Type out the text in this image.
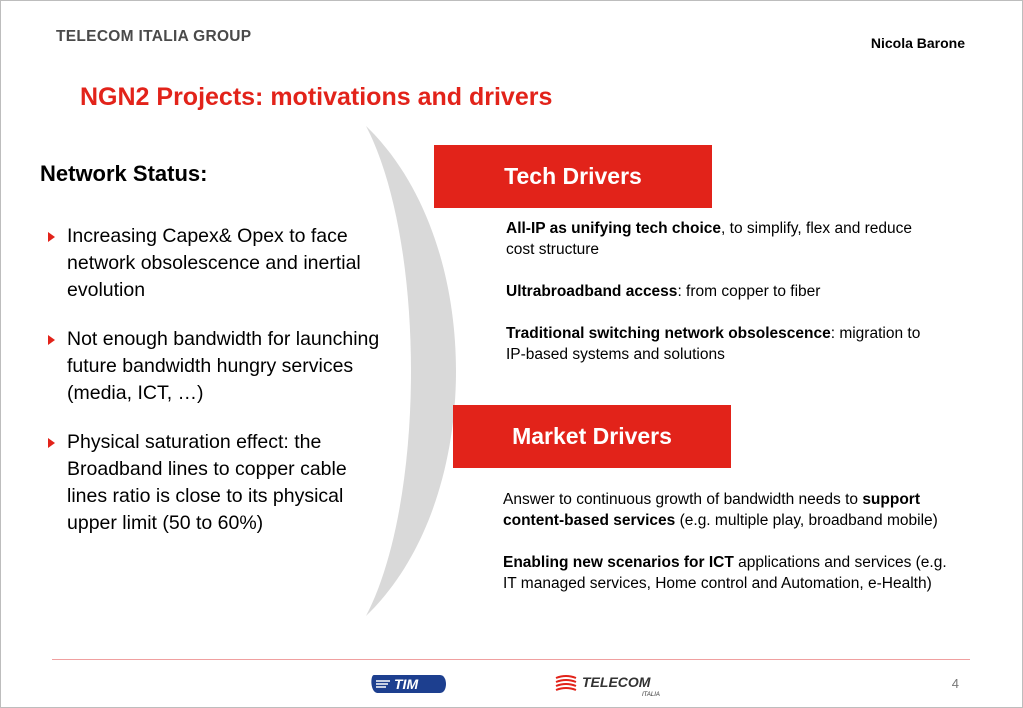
TELECOM ITALIA GROUP	Nicola Barone
NGN2 Projects: motivations and drivers
Network Status:
Increasing Capex& Opex to face network obsolescence and inertial evolution
Not enough bandwidth for launching future bandwidth hungry services (media, ICT, …)
Physical saturation effect: the Broadband lines to copper cable lines ratio is close to its physical upper limit (50 to 60%)
Tech Drivers

All-IP as unifying tech choice, to simplify, flex and reduce cost structure

Ultrabroadband access: from copper to fiber

Traditional switching network obsolescence: migration to IP-based systems and solutions

Market Drivers

Answer to continuous growth of bandwidth needs to support content-based services (e.g. multiple play, broadband mobile)

Enabling new scenarios for ICT applications and services (e.g. IT managed services, Home control and Automation, e-Health)

TIM	TELECOM
ITALIA
4
